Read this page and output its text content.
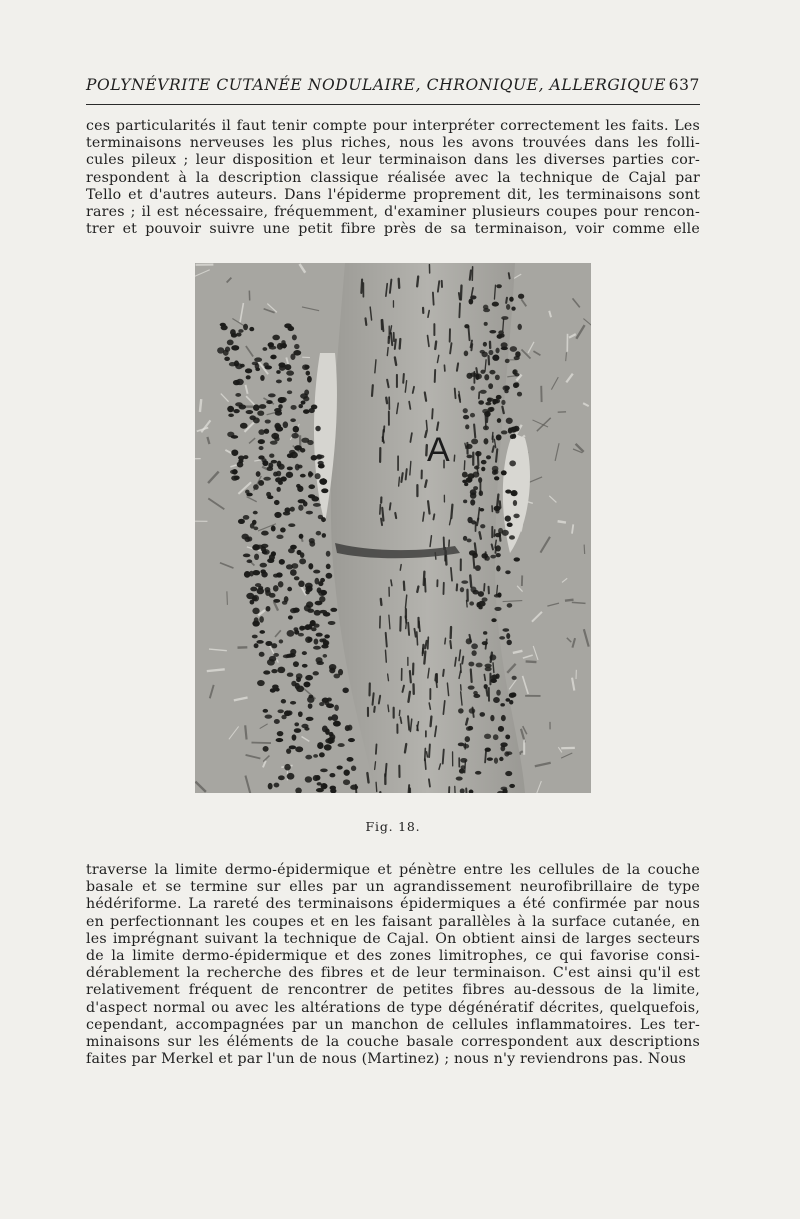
POLYNÉVRITE CUTANÉE NODULAIRE, CHRONIQUE, ALLERGIQUE 637
ces particularités il faut tenir compte pour interpréter correctement les faits. Les
terminaisons nerveuses les plus riches, nous les avons trouvées dans les folli-
cules pileux ; leur disposition et leur terminaison dans les diverses parties cor-
respondent à la description classique réalisée avec la technique de Cajal par
Tello et d'autres auteurs. Dans l'épiderme proprement dit, les terminaisons sont
rares ; il est nécessaire, fréquemment, d'examiner plusieurs coupes pour rencon-
trer et pouvoir suivre une petit fibre près de sa terminaison, voir comme elle
A
Fig. 18.
traverse la limite dermo-épidermique et pénètre entre les cellules de la couche
basale et se termine sur elles par un agrandissement neurofibrillaire de type
hédériforme. La rareté des terminaisons épidermiques a été confirmée par nous
en perfectionnant les coupes et en les faisant parallèles à la surface cutanée, en
les imprégnant suivant la technique de Cajal. On obtient ainsi de larges secteurs
de la limite dermo-épidermique et des zones limitrophes, ce qui favorise consi-
dérablement la recherche des fibres et de leur terminaison. C'est ainsi qu'il est
relativement fréquent de rencontrer de petites fibres au-dessous de la limite,
d'aspect normal ou avec les altérations de type dégénératif décrites, quelquefois,
cependant, accompagnées par un manchon de cellules inflammatoires. Les ter-
minaisons sur les éléments de la couche basale correspondent aux descriptions
faites par Merkel et par l'un de nous (Martinez) ; nous n'y reviendrons pas. Nous
